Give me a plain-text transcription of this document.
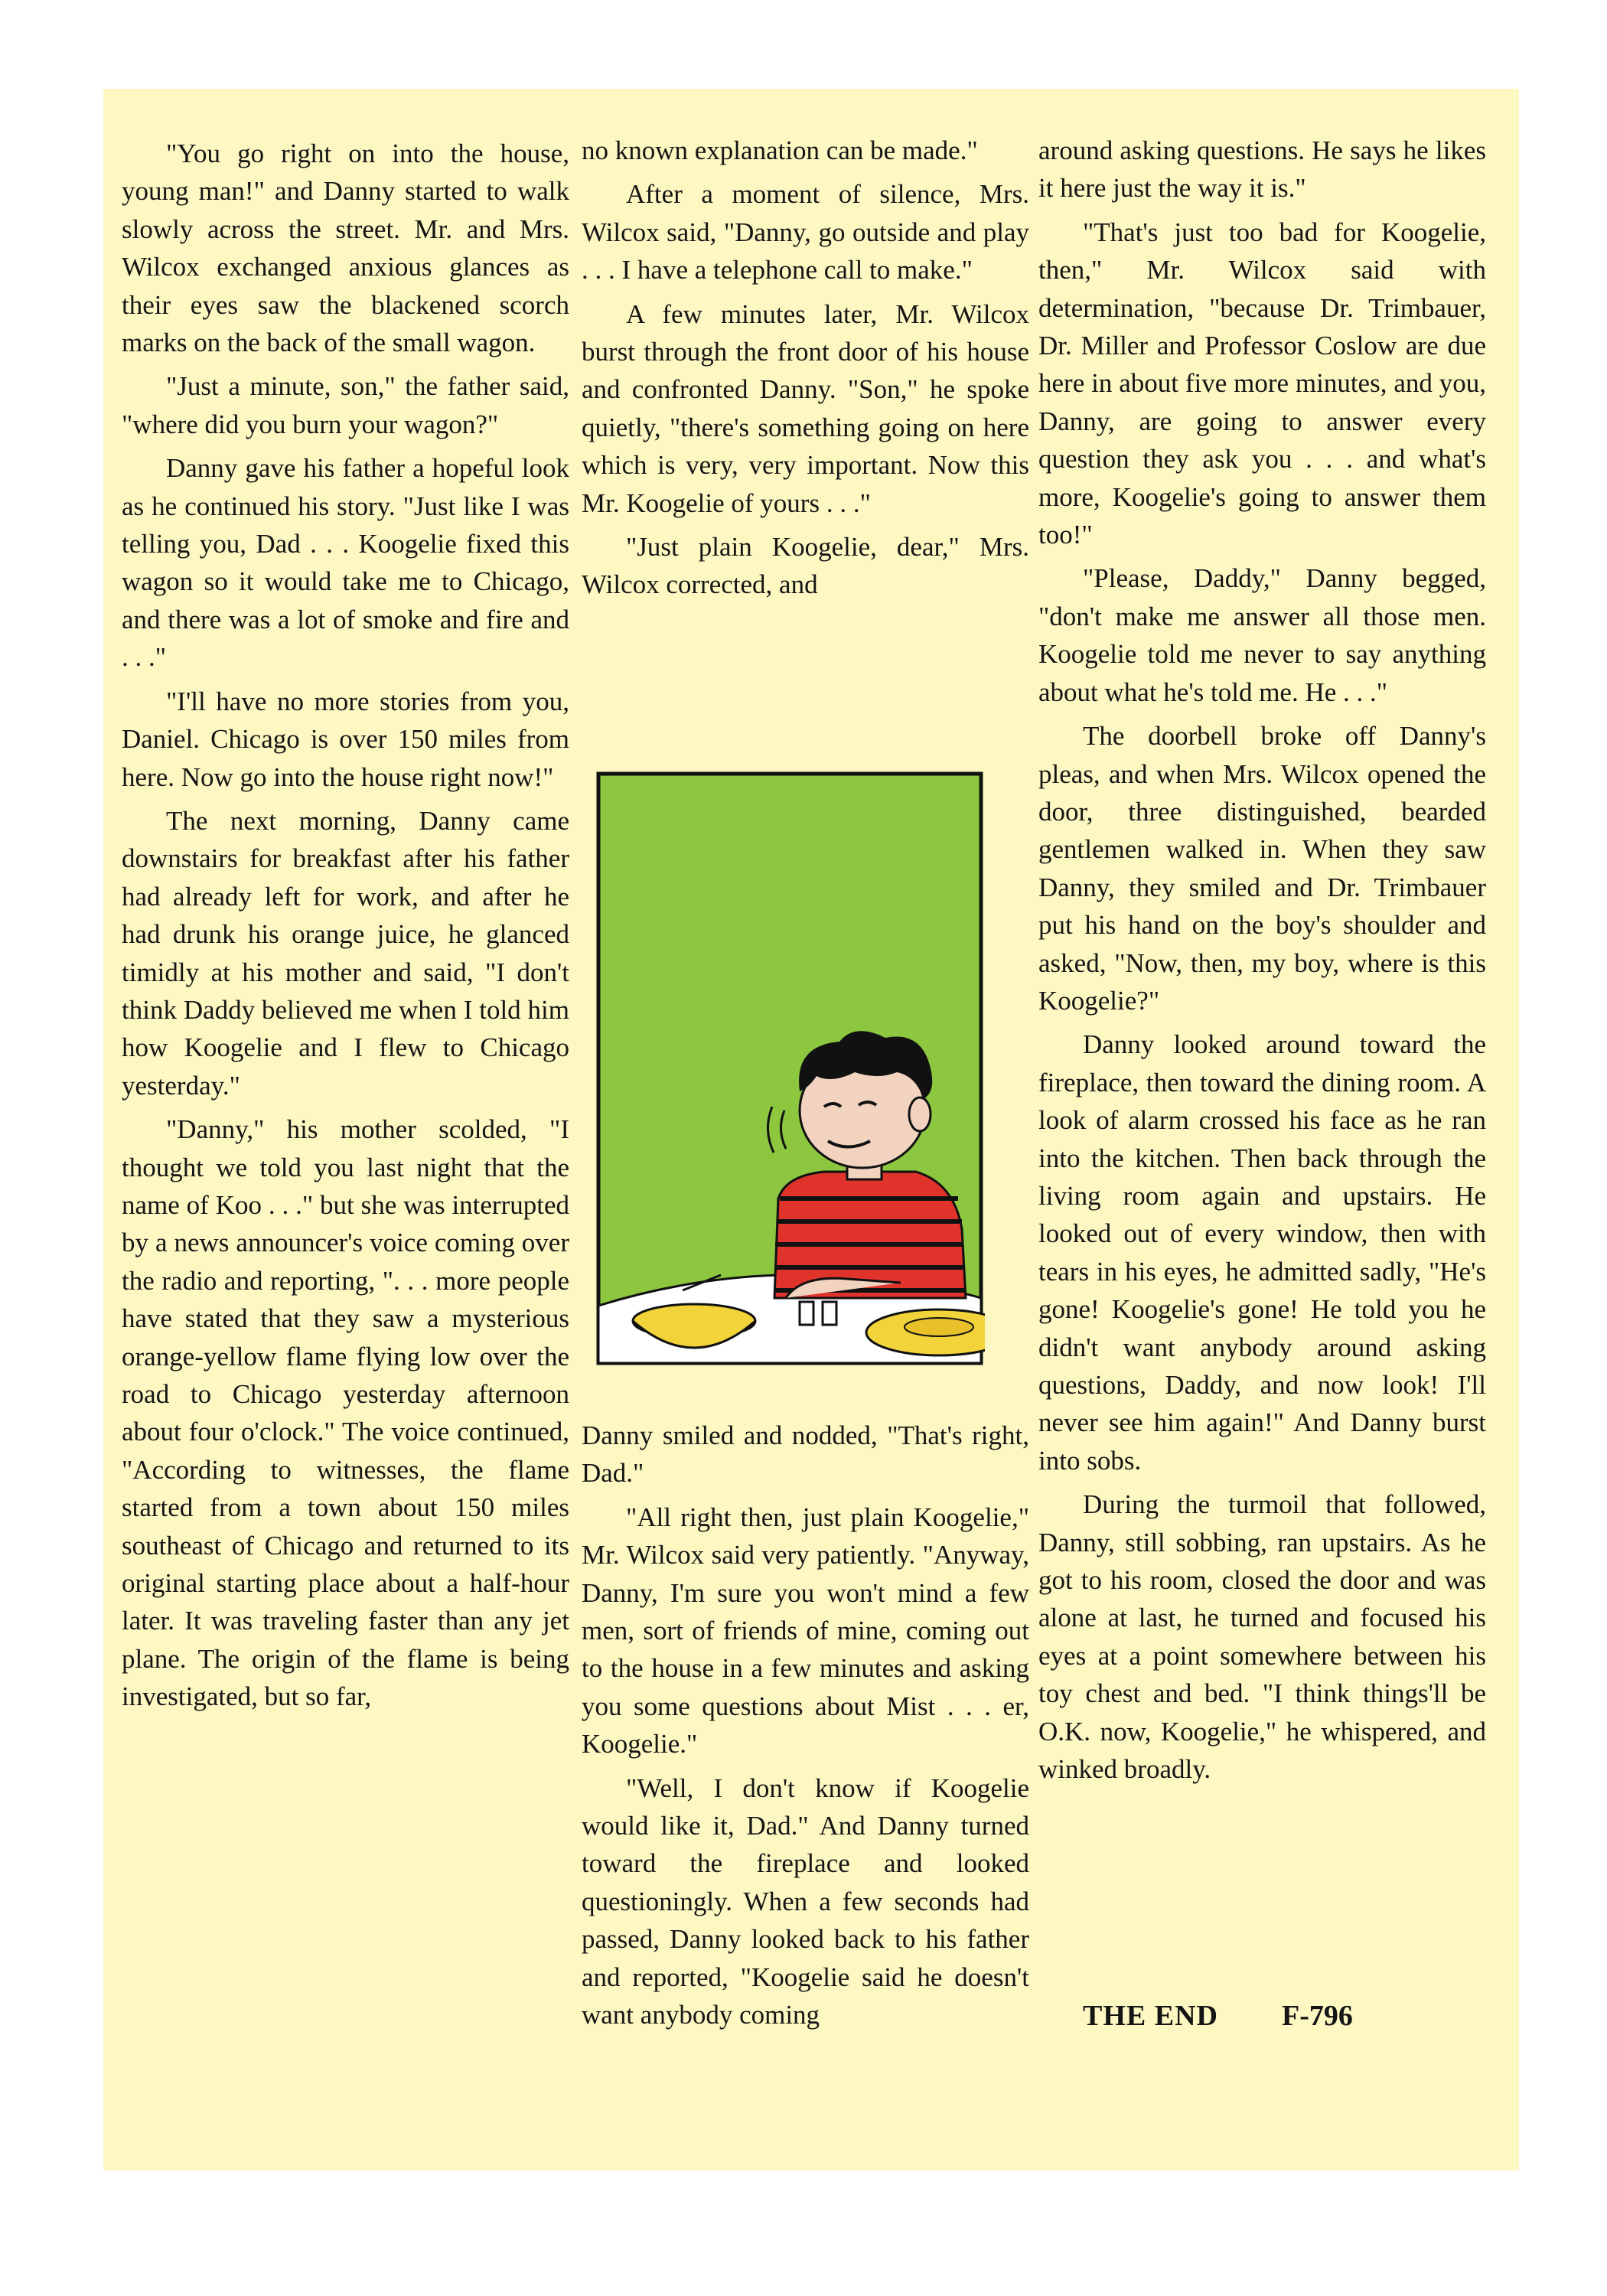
"You go right on into the house, young man!" and Danny started to walk slowly across the street. Mr. and Mrs. Wilcox exchanged anxious glances as their eyes saw the blackened scorch marks on the back of the small wagon.

"Just a minute, son," the father said, "where did you burn your wagon?"

Danny gave his father a hopeful look as he continued his story. "Just like I was telling you, Dad . . . Koogelie fixed this wagon so it would take me to Chicago, and there was a lot of smoke and fire and . . ."

"I'll have no more stories from you, Daniel. Chicago is over 150 miles from here. Now go into the house right now!"

The next morning, Danny came downstairs for breakfast after his father had already left for work, and after he had drunk his orange juice, he glanced timidly at his mother and said, "I don't think Daddy believed me when I told him how Koogelie and I flew to Chicago yesterday."

"Danny," his mother scolded, "I thought we told you last night that the name of Koo . . ." but she was interrupted by a news announcer's voice coming over the radio and reporting, ". . . more people have stated that they saw a mysterious orange-yellow flame flying low over the road to Chicago yesterday afternoon about four o'clock." The voice continued, "According to witnesses, the flame started from a town about 150 miles southeast of Chicago and returned to its original starting place about a half-hour later. It was traveling faster than any jet plane. The origin of the flame is being investigated, but so far,

no known explanation can be made."

After a moment of silence, Mrs. Wilcox said, "Danny, go outside and play . . . I have a telephone call to make."

A few minutes later, Mr. Wilcox burst through the front door of his house and confronted Danny. "Son," he spoke quietly, "there's something going on here which is very, very important. Now this Mr. Koogelie of yours . . ."

"Just plain Koogelie, dear," Mrs. Wilcox corrected, and

Danny smiled and nodded, "That's right, Dad."

"All right then, just plain Koogelie," Mr. Wilcox said very patiently. "Anyway, Danny, I'm sure you won't mind a few men, sort of friends of mine, coming out to the house in a few minutes and asking you some questions about Mist . . . er, Koogelie."

"Well, I don't know if Koogelie would like it, Dad." And Danny turned toward the fireplace and looked questioningly. When a few seconds had passed, Danny looked back to his father and reported, "Koogelie said he doesn't want anybody coming

around asking questions. He says he likes it here just the way it is."

"That's just too bad for Koogelie, then," Mr. Wilcox said with determination, "because Dr. Trimbauer, Dr. Miller and Professor Coslow are due here in about five more minutes, and you, Danny, are going to answer every question they ask you . . . and what's more, Koogelie's going to answer them too!"

"Please, Daddy," Danny begged, "don't make me answer all those men. Koogelie told me never to say anything about what he's told me. He . . ."

The doorbell broke off Danny's pleas, and when Mrs. Wilcox opened the door, three distinguished, bearded gentlemen walked in. When they saw Danny, they smiled and Dr. Trimbauer put his hand on the boy's shoulder and asked, "Now, then, my boy, where is this Koogelie?"

Danny looked around toward the fireplace, then toward the dining room. A look of alarm crossed his face as he ran into the kitchen. Then back through the living room again and upstairs. He looked out of every window, then with tears in his eyes, he admitted sadly, "He's gone! Koogelie's gone! He told you he didn't want anybody around asking questions, Daddy, and now look! I'll never see him again!" And Danny burst into sobs.

During the turmoil that followed, Danny, still sobbing, ran upstairs. As he got to his room, closed the door and was alone at last, he turned and focused his eyes at a point somewhere between his toy chest and bed. "I think things'll be O.K. now, Koogelie," he whispered, and winked broadly.

THE END F-796
